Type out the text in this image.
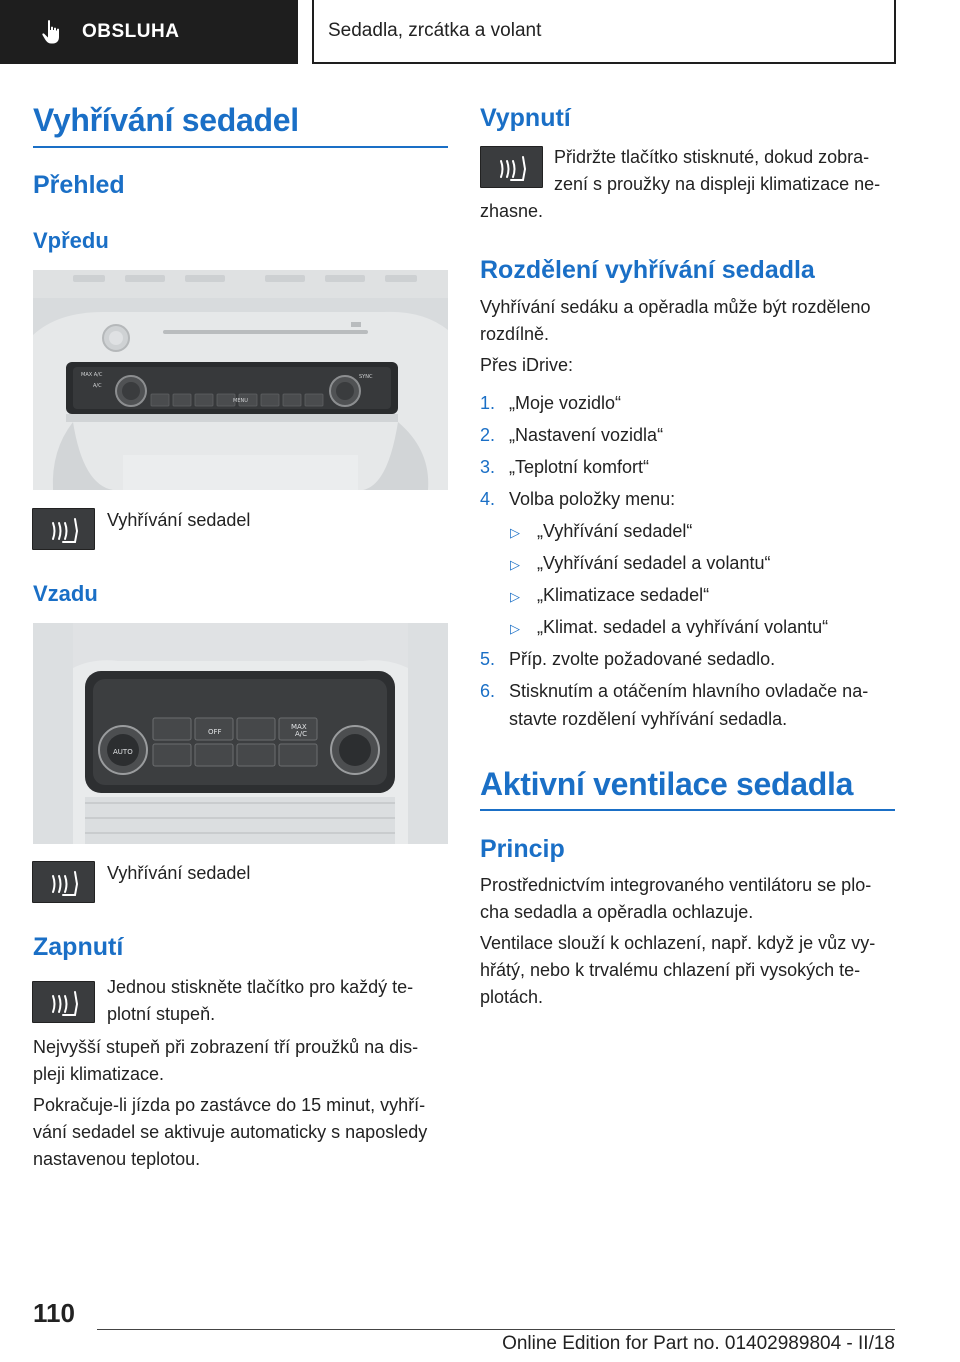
OBSLUHA	Sedadla, zrcátka a volant
Vyhřívání sedadel
Přehled
Vpředu
MAX A/C
A/C
MENU
SYNC

Vyhřívání sedadel

Vzadu
AUTO
OFF
MAX
A/C

Vyhřívání sedadel

Zapnutí

Jednou stiskněte tlačítko pro každý te-

plotní stupeň.

Nejvyšší stupeň při zobrazení tří proužků na dis-

pleji klimatizace.

Pokračuje-li jízda po zastávce do 15 minut, vyhří-

vání sedadel se aktivuje automaticky s naposledy

nastavenou teplotou.

Vypnutí

Přidržte tlačítko stisknuté, dokud zobra-

zení s proužky na displeji klimatizace ne-

zhasne.

Rozdělení vyhřívání sedadla

Vyhřívání sedáku a opěradla může být rozděleno

rozdílně.

Přes iDrive:

1. „Moje vozidlo“
2. „Nastavení vozidla“
3. „Teplotní komfort“
4. Volba položky menu:
▷ „Vyhřívání sedadel“
▷ „Vyhřívání sedadel a volantu“
▷ „Klimatizace sedadel“
▷ „Klimat. sedadel a vyhřívání volantu“
5. Příp. zvolte požadované sedadlo.
6. Stisknutím a otáčením hlavního ovladače na-
stavte rozdělení vyhřívání sedadla.
Aktivní ventilace sedadla
Princip

Prostřednictvím integrovaného ventilátoru se plo-

cha sedadla a opěradla ochlazuje.

Ventilace slouží k ochlazení, např. když je vůz vy-

hřátý, nebo k trvalému chlazení při vysokých te-

plotách.

110
Online Edition for Part no. 01402989804 - II/18
